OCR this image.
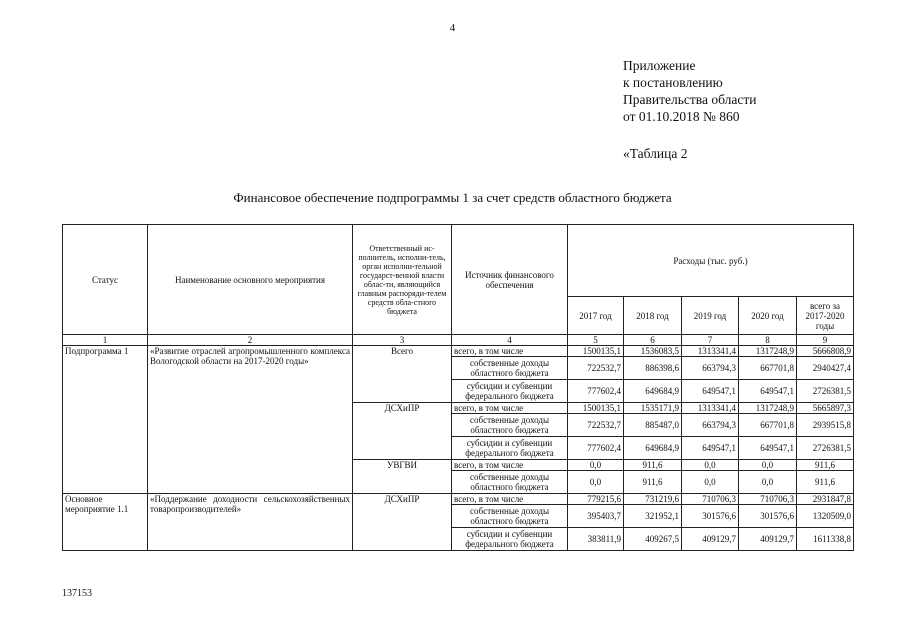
4
Приложение
к постановлению
Правительства области
от 01.10.2018 № 860
«Таблица 2
Финансовое обеспечение подпрограммы 1 за счет средств областного бюджета
Статус	Наименование основного мероприятия	Ответственный ис-полнитель, исполни-тель, орган исполни-тельной государст-венной власти облас-ти, являющийся главным распоряди-телем средств обла-стного бюджета	Источник финансового обеспечения	Расходы (тыс. руб.)				
				2017 год	2018 год	2019 год	2020 год	всего за 2017-2020 годы
1	2	3	4	5	6	7	8	9
Подпрограмма 1	«Развитие отраслей агропромышленного комплекса Вологодской области на 2017-2020 годы»	Всего	всего, в том числе	1500135,1	1536083,5	1313341,4	1317248,9	5666808,9
			собственные доходы областного бюджета	722532,7	886398,6	663794,3	667701,8	2940427,4
			субсидии и субвенции федерального бюджета	777602,4	649684,9	649547,1	649547,1	2726381,5
		ДСХиПР	всего, в том числе	1500135,1	1535171,9	1313341,4	1317248,9	5665897,3
			собственные доходы областного бюджета	722532,7	885487,0	663794,3	667701,8	2939515,8
			субсидии и субвенции федерального бюджета	777602,4	649684,9	649547,1	649547,1	2726381,5
		УВГВИ	всего, в том числе	0,0	911,6	0,0	0,0	911,6
			собственные доходы областного бюджета	0,0	911,6	0,0	0,0	911,6
Основное мероприятие 1.1	«Поддержание доходности сельскохозяйственных товаропроизводителей»	ДСХиПР	всего, в том числе	779215,6	731219,6	710706,3	710706,3	2931847,8
			собственные доходы областного бюджета	395403,7	321952,1	301576,6	301576,6	1320509,0
			субсидии и субвенции федерального бюджета	383811,9	409267,5	409129,7	409129,7	1611338,8
137153
